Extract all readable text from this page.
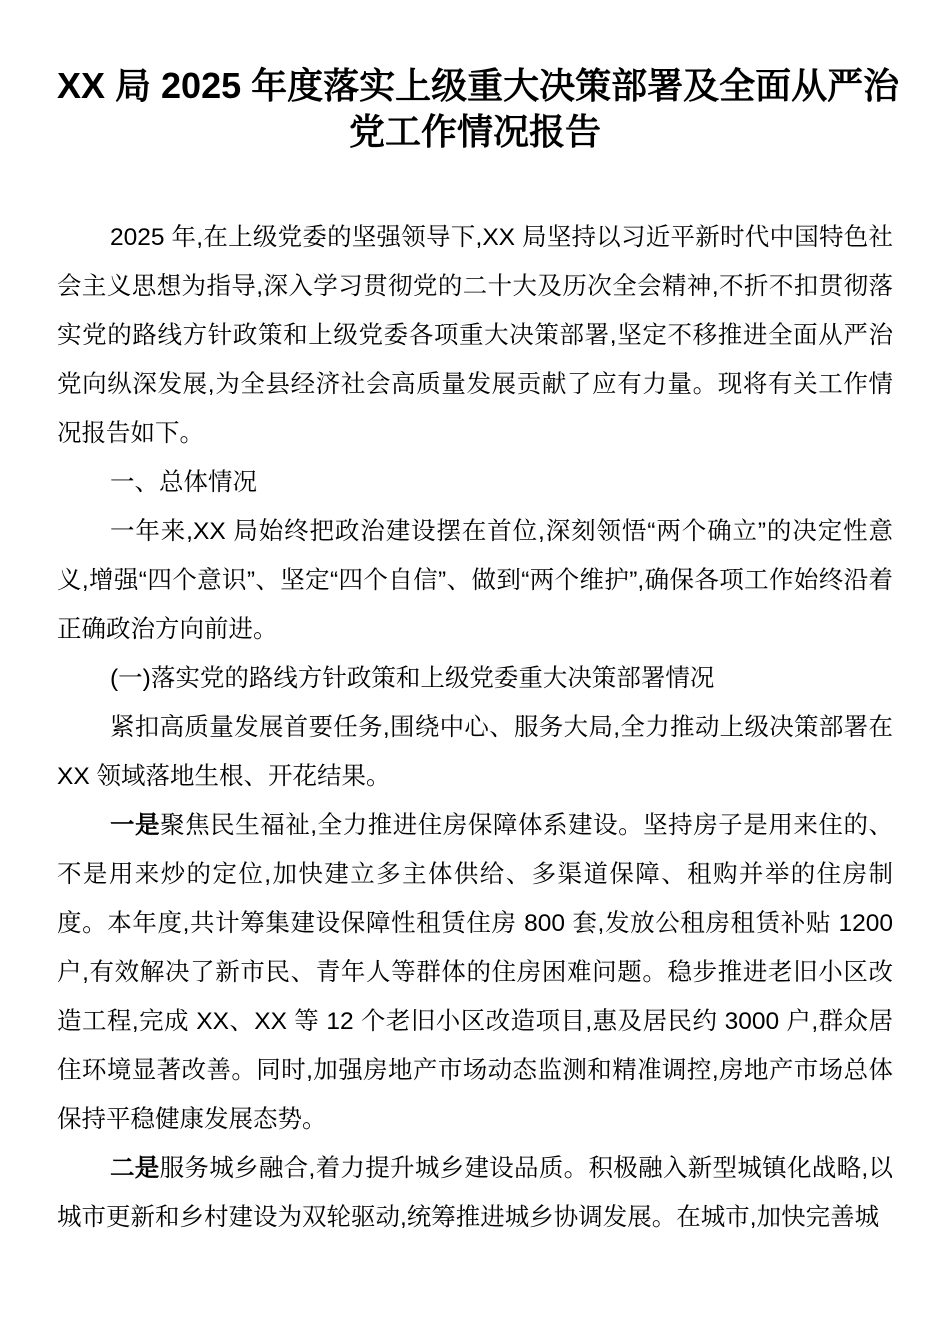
XX 局 2025 年度落实上级重大决策部署及全面从严治
党工作情况报告

2025 年,在上级党委的坚强领导下,XX 局坚持以习近平新时代中国特色社会主义思想为指导,深入学习贯彻党的二十大及历次全会精神,不折不扣贯彻落实党的路线方针政策和上级党委各项重大决策部署,坚定不移推进全面从严治党向纵深发展,为全县经济社会高质量发展贡献了应有力量。现将有关工作情况报告如下。

一、总体情况

一年来,XX 局始终把政治建设摆在首位,深刻领悟“两个确立”的决定性意义,增强“四个意识”、坚定“四个自信”、做到“两个维护”,确保各项工作始终沿着正确政治方向前进。

(一)落实党的路线方针政策和上级党委重大决策部署情况

紧扣高质量发展首要任务,围绕中心、服务大局,全力推动上级决策部署在 XX 领域落地生根、开花结果。

一是聚焦民生福祉,全力推进住房保障体系建设。坚持房子是用来住的、不是用来炒的定位,加快建立多主体供给、多渠道保障、租购并举的住房制度。本年度,共计筹集建设保障性租赁住房 800 套,发放公租房租赁补贴 1200 户,有效解决了新市民、青年人等群体的住房困难问题。稳步推进老旧小区改造工程,完成 XX、XX 等 12 个老旧小区改造项目,惠及居民约 3000 户,群众居住环境显著改善。同时,加强房地产市场动态监测和精准调控,房地产市场总体保持平稳健康发展态势。

二是服务城乡融合,着力提升城乡建设品质。积极融入新型城镇化战略,以城市更新和乡村建设为双轮驱动,统筹推进城乡协调发展。在城市,加快完善城
